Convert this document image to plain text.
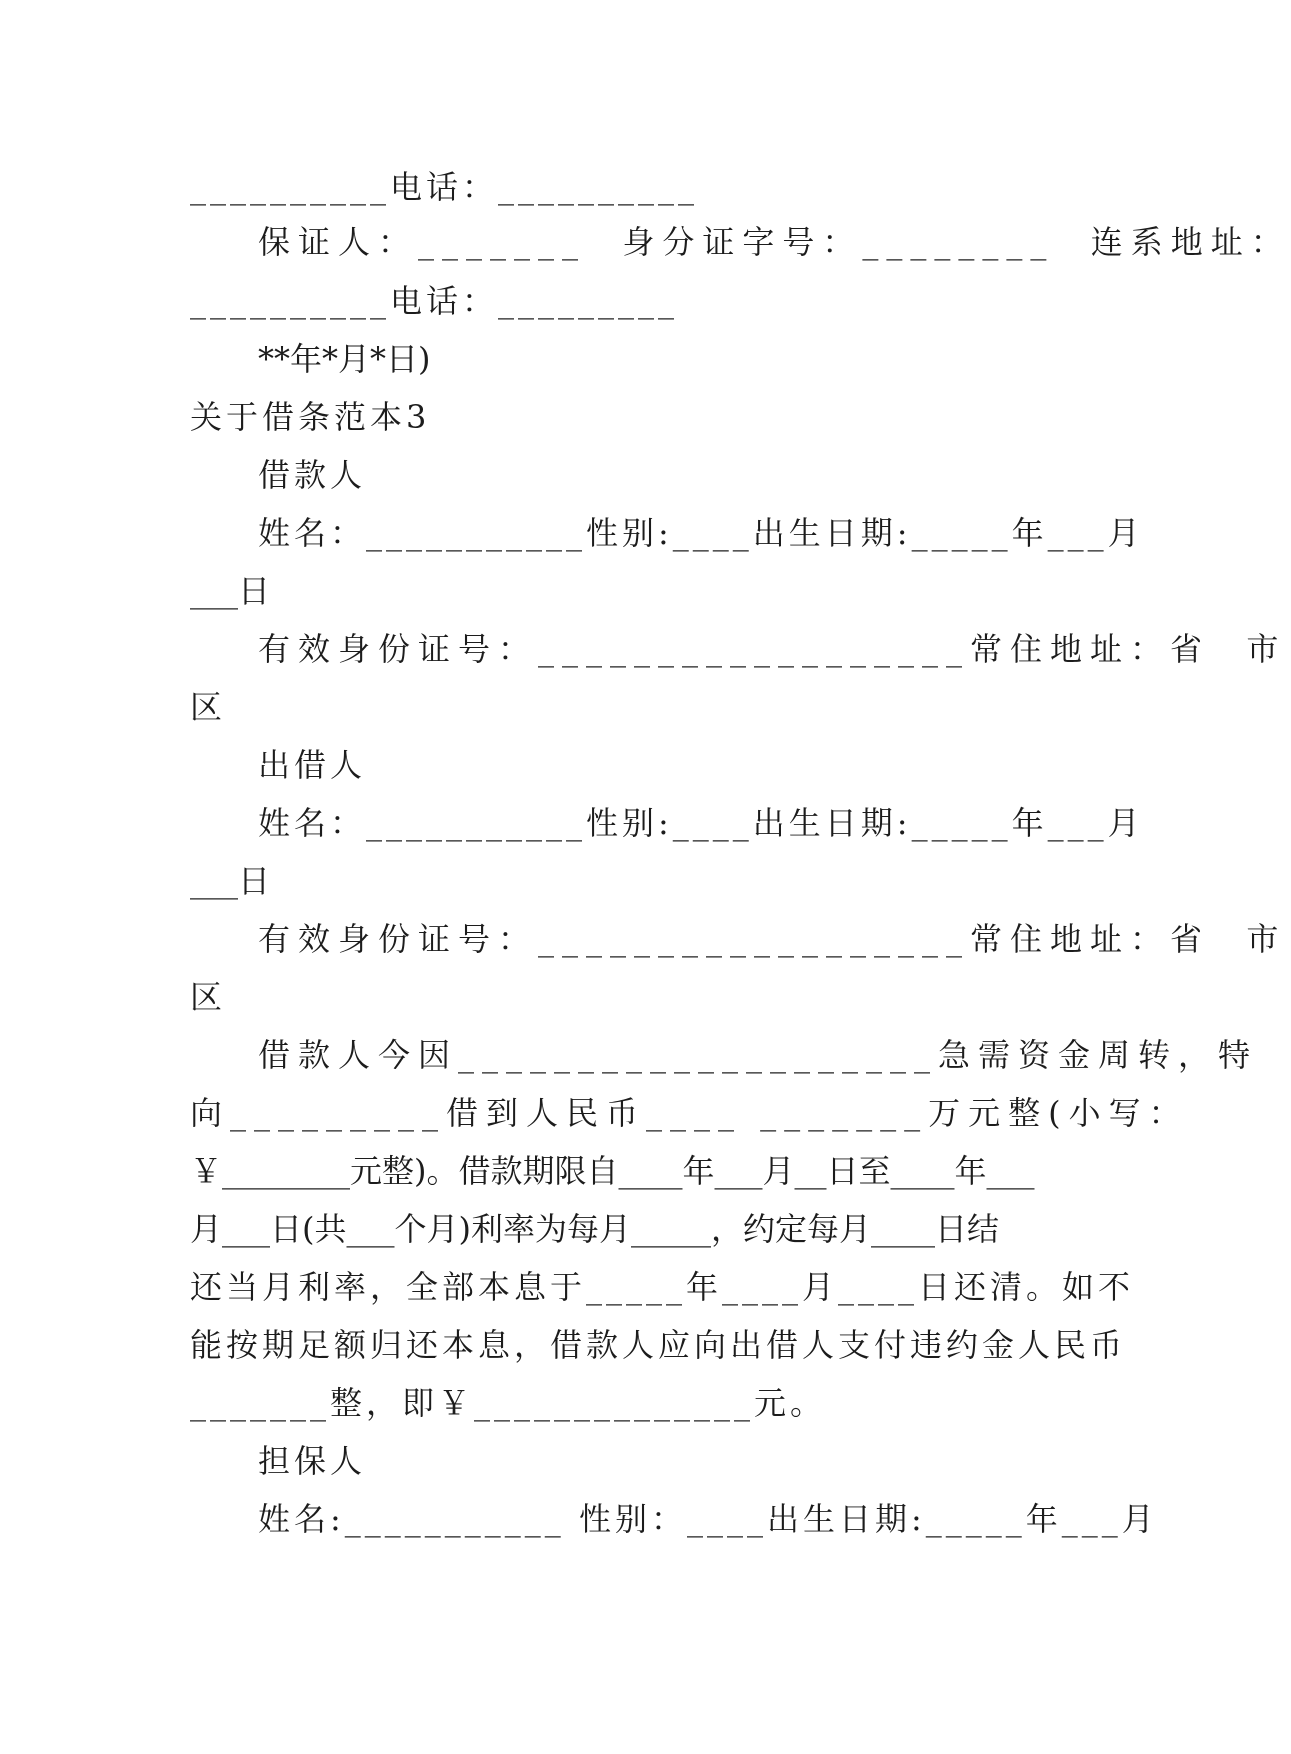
__________电话：__________
保证人：_______  身分证字号：________  连系地址：
__________电话：_________
**年*月*日)
关于借条范本3
借款人
姓名：___________性别:____出生日期:_____年___月
___日
有效身份证号：__________________常住地址：省  市
区
出借人
姓名：___________性别:____出生日期:_____年___月
___日
有效身份证号：__________________常住地址：省  市
区
借款人今因____________________急需资金周转，特
向_________借到人民币____ _______万元整(小写：
￥________元整)。借款期限自____年___月__日至____年___
月___日(共___个月)利率为每月_____，约定每月____日结
还当月利率，全部本息于_____年____月____日还清。如不
能按期足额归还本息，借款人应向出借人支付违约金人民币
_______整，即￥______________元。
担保人
姓名:___________ 性别：____出生日期:_____年___月
